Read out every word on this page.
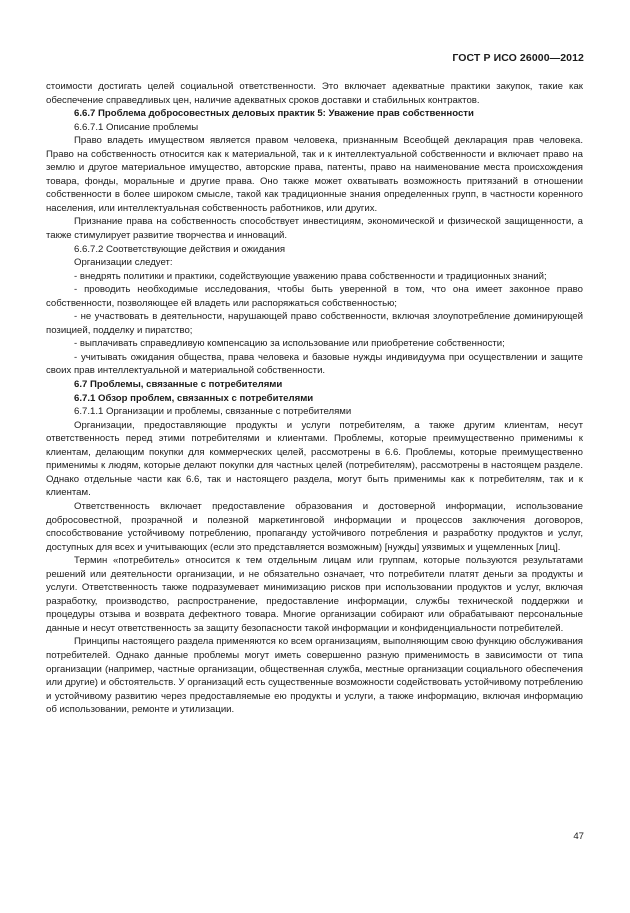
ГОСТ Р ИСО 26000—2012

стоимости достигать целей социальной ответственности. Это включает адекватные практики закупок, такие как обеспечение справедливых цен, наличие адекватных сроков доставки и стабильных контрактов.

6.6.7 Проблема добросовестных деловых практик 5: Уважение прав собственности

6.6.7.1 Описание проблемы

Право владеть имуществом является правом человека, признанным Всеобщей декларация прав человека. Право на собственность относится как к материальной, так и к интеллектуальной собственности и включает право на землю и другое материальное имущество, авторские права, патенты, право на наименование места происхождения товара, фонды, моральные и другие права. Оно также может охватывать возможность притязаний в отношении собственности в более широком смысле, такой как традиционные знания определенных групп, в частности коренного населения, или интеллектуальная собственность работников, или других.

Признание права на собственность способствует инвестициям, экономической и физической защищенности, а также стимулирует развитие творчества и инноваций.

6.6.7.2 Соответствующие действия и ожидания

Организации следует:

- внедрять политики и практики, содействующие уважению права собственности и традиционных знаний;

- проводить необходимые исследования, чтобы быть уверенной в том, что она имеет законное право собственности, позволяющее ей владеть или распоряжаться собственностью;

- не участвовать в деятельности, нарушающей право собственности, включая злоупотребление доминирующей позицией, подделку и пиратство;

- выплачивать справедливую компенсацию за использование или приобретение собственности;

- учитывать ожидания общества, права человека и базовые нужды индивидуума при осуществлении и защите своих прав интеллектуальной и материальной собственности.

6.7 Проблемы, связанные с потребителями

6.7.1 Обзор проблем, связанных с потребителями

6.7.1.1 Организации и проблемы, связанные с потребителями

Организации, предоставляющие продукты и услуги потребителям, а также другим клиентам, несут ответственность перед этими потребителями и клиентами. Проблемы, которые преимущественно применимы к клиентам, делающим покупки для коммерческих целей, рассмотрены в 6.6. Проблемы, которые преимущественно применимы к людям, которые делают покупки для частных целей (потребителям), рассмотрены в настоящем разделе. Однако отдельные части как 6.6, так и настоящего раздела, могут быть применимы как к потребителям, так и к клиентам.

Ответственность включает предоставление образования и достоверной информации, использование добросовестной, прозрачной и полезной маркетинговой информации и процессов заключения договоров, способствование устойчивому потреблению, пропаганду устойчивого потребления и разработку продуктов и услуг, доступных для всех и учитывающих (если это представляется возможным) [нужды] уязвимых и ущемленных [лиц].

Термин «потребитель» относится к тем отдельным лицам или группам, которые пользуются результатами решений или деятельности организации, и не обязательно означает, что потребители платят деньги за продукты и услуги. Ответственность также подразумевает минимизацию рисков при использовании продуктов и услуг, включая разработку, производство, распространение, предоставление информации, службы технической поддержки и процедуры отзыва и возврата дефектного товара. Многие организации собирают или обрабатывают персональные данные и несут ответственность за защиту безопасности такой информации и конфиденциальности потребителей.

Принципы настоящего раздела применяются ко всем организациям, выполняющим свою функцию обслуживания потребителей. Однако данные проблемы могут иметь совершенно разную применимость в зависимости от типа организации (например, частные организации, общественная служба, местные организации социального обеспечения или другие) и обстоятельств. У организаций есть существенные возможности содействовать устойчивому потреблению и устойчивому развитию через предоставляемые ею продукты и услуги, а также информацию, включая информацию об использовании, ремонте и утилизации.

47
